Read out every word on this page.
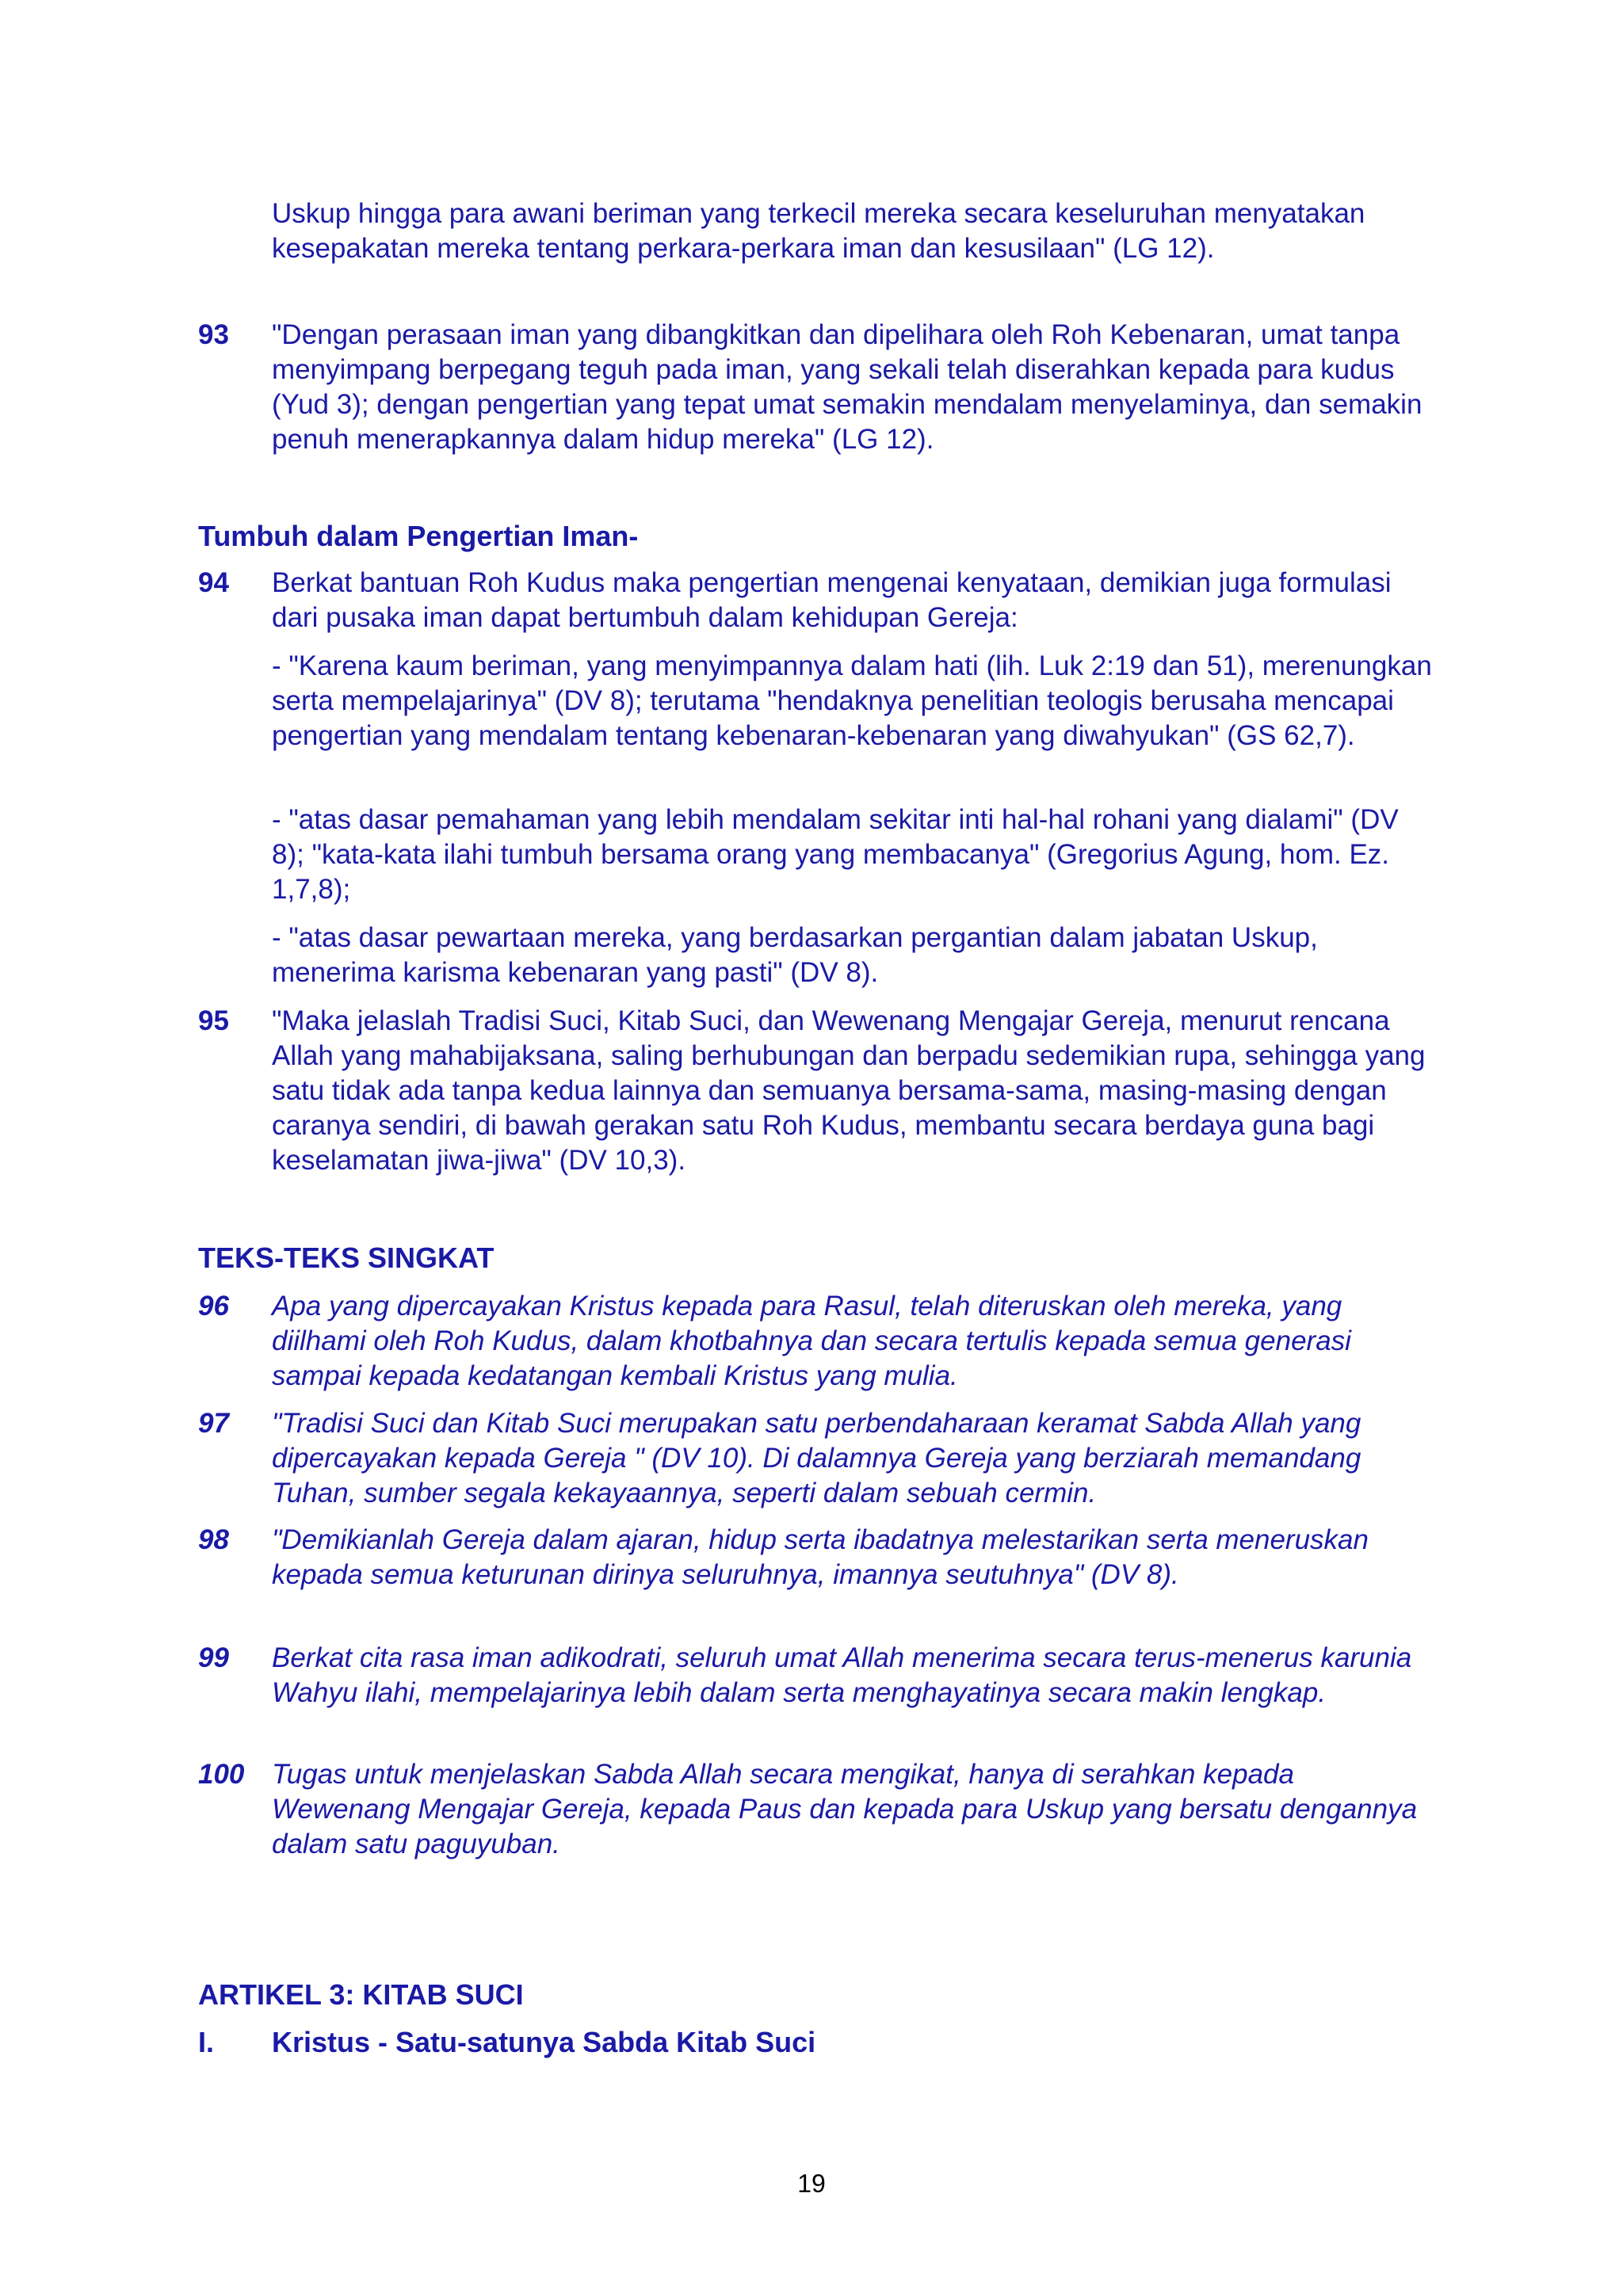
Uskup hingga para awani beriman yang terkecil mereka secara keseluruhan menyatakan kesepakatan mereka tentang perkara-perkara iman dan kesusilaan" (LG 12).
93 "Dengan perasaan iman yang dibangkitkan dan dipelihara oleh Roh Kebenaran, umat tanpa menyimpang berpegang teguh pada iman, yang sekali telah diserahkan kepada para kudus (Yud 3); dengan pengertian yang tepat umat semakin mendalam menyelaminya, dan semakin penuh menerapkannya dalam hidup mereka" (LG 12).
Tumbuh dalam Pengertian Iman-
94 Berkat bantuan Roh Kudus maka pengertian mengenai kenyataan, demikian juga formulasi dari pusaka iman dapat bertumbuh dalam kehidupan Gereja:
- "Karena kaum beriman, yang menyimpannya dalam hati (lih. Luk 2:19 dan 51), merenungkan serta mempelajarinya" (DV 8); terutama "hendaknya penelitian teologis berusaha mencapai pengertian yang mendalam tentang kebenaran-kebenaran yang diwahyukan" (GS 62,7).
- "atas dasar pemahaman yang lebih mendalam sekitar inti hal-hal rohani yang dialami" (DV 8); "kata-kata ilahi tumbuh bersama orang yang membacanya" (Gregorius Agung, hom. Ez. 1,7,8);
- "atas dasar pewartaan mereka, yang berdasarkan pergantian dalam jabatan Uskup, menerima karisma kebenaran yang pasti" (DV 8).
95 "Maka jelaslah Tradisi Suci, Kitab Suci, dan Wewenang Mengajar Gereja, menurut rencana Allah yang mahabijaksana, saling berhubungan dan berpadu sedemikian rupa, sehingga yang satu tidak ada tanpa kedua lainnya dan semuanya bersama-sama, masing-masing dengan caranya sendiri, di bawah gerakan satu Roh Kudus, membantu secara berdaya guna bagi keselamatan jiwa-jiwa" (DV 10,3).
TEKS-TEKS SINGKAT
96 Apa yang dipercayakan Kristus kepada para Rasul, telah diteruskan oleh mereka, yang diilhami oleh Roh Kudus, dalam khotbahnya dan secara tertulis kepada semua generasi sampai kepada kedatangan kembali Kristus yang mulia.
97 "Tradisi Suci dan Kitab Suci merupakan satu perbendaharaan keramat Sabda Allah yang dipercayakan kepada Gereja " (DV 10). Di dalamnya Gereja yang berziarah memandang Tuhan, sumber segala kekayaannya, seperti dalam sebuah cermin.
98 "Demikianlah Gereja dalam ajaran, hidup serta ibadatnya melestarikan serta meneruskan kepada semua keturunan dirinya seluruhnya, imannya seutuhnya" (DV 8).
99 Berkat cita rasa iman adikodrati, seluruh umat Allah menerima secara terus-menerus karunia Wahyu ilahi, mempelajarinya lebih dalam serta menghayatinya secara makin lengkap.
100 Tugas untuk menjelaskan Sabda Allah secara mengikat, hanya di serahkan kepada Wewenang Mengajar Gereja, kepada Paus dan kepada para Uskup yang bersatu dengannya dalam satu paguyuban.
ARTIKEL 3: KITAB SUCI
I. Kristus - Satu-satunya Sabda Kitab Suci
19
